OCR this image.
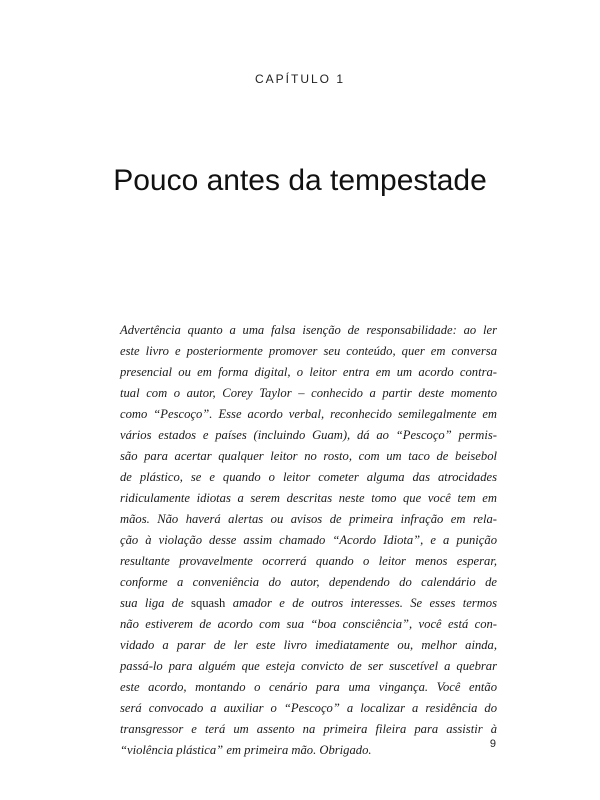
CAPÍTULO 1
Pouco antes da tempestade
Advertência quanto a uma falsa isenção de responsabilidade: ao ler
este livro e posteriormente promover seu conteúdo, quer em conversa
presencial ou em forma digital, o leitor entra em um acordo contra-
tual com o autor, Corey Taylor – conhecido a partir deste momento
como “Pescoço”. Esse acordo verbal, reconhecido semilegalmente em
vários estados e países (incluindo Guam), dá ao “Pescoço” permis-
são para acertar qualquer leitor no rosto, com um taco de beisebol
de plástico, se e quando o leitor cometer alguma das atrocidades
ridiculamente idiotas a serem descritas neste tomo que você tem em
mãos. Não haverá alertas ou avisos de primeira infração em rela-
ção à violação desse assim chamado “Acordo Idiota”, e a punição
resultante provavelmente ocorrerá quando o leitor menos esperar,
conforme a conveniência do autor, dependendo do calendário de
sua liga de squash amador e de outros interesses. Se esses termos
não estiverem de acordo com sua “boa consciência”, você está con-
vidado a parar de ler este livro imediatamente ou, melhor ainda,
passá-lo para alguém que esteja convicto de ser suscetível a quebrar
este acordo, montando o cenário para uma vingança. Você então
será convocado a auxiliar o “Pescoço” a localizar a residência do
transgressor e terá um assento na primeira fileira para assistir à
“violência plástica” em primeira mão. Obrigado.	9
